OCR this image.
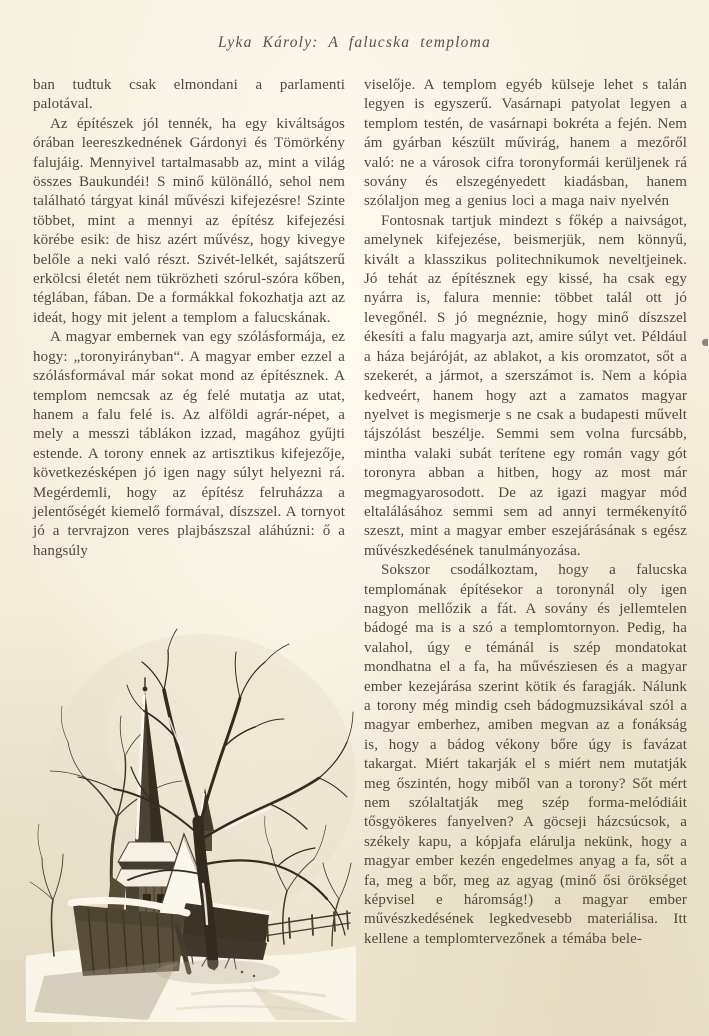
Lyka Károly: A falucska temploma

ban tudtuk csak elmondani a parlamenti palotával.

Az építészek jól tennék, ha egy kiváltságos órában leereszkednének Gárdonyi és Tömörkény falujáig. Mennyivel tartalmasabb az, mint a világ összes Baukundéi! S minő különálló, sehol nem található tárgyat kinál művészi kifejezésre! Szinte többet, mint a mennyi az építész kifejezési körébe esik: de hisz azért művész, hogy kivegye belőle a neki való részt. Szivét-lelkét, sajátszerű erkölcsi életét nem tükrözheti szórul-szóra kőben, téglában, fában. De a formákkal fokozhatja azt az ideát, hogy mit jelent a templom a falucskának.

A magyar embernek van egy szólásformája, ez hogy: „toronyirányban“. A magyar ember ezzel a szólásformával már sokat mond az építésznek. A templom nemcsak az ég felé mutatja az utat, hanem a falu felé is. Az alföldi agrár-népet, a mely a messzi táblákon izzad, magához gyűjti estende. A torony ennek az artisztikus kifejezője, következésképen jó igen nagy súlyt helyezni rá. Megérdemli, hogy az építész felruházza a jelentőségét kiemelő formával, díszszel. A tornyot jó a tervrajzon veres plajbászszal aláhúzni: ő a hangsúly

viselője. A templom egyéb külseje lehet s talán legyen is egyszerű. Vasárnapi patyolat legyen a templom testén, de vasárnapi bokréta a fején. Nem ám gyárban készült művirág, hanem a mezőről való: ne a városok cifra toronyformái kerüljenek rá sovány és elszegényedett kiadásban, hanem szólaljon meg a genius loci a maga naiv nyelvén

Fontosnak tartjuk mindezt s főkép a naivságot, amelynek kifejezése, beismerjük, nem könnyű, kivált a klasszikus politechnikumok neveltjeinek. Jó tehát az építésznek egy kissé, ha csak egy nyárra is, falura mennie: többet talál ott jó levegőnél. S jó megnéznie, hogy minő díszszel ékesíti a falu magyarja azt, amire súlyt vet. Például a háza bejáróját, az ablakot, a kis oromzatot, sőt a szekerét, a jármot, a szerszámot is. Nem a kópia kedveért, hanem hogy azt a zamatos magyar nyelvet is megismerje s ne csak a budapesti művelt tájszólást beszélje. Semmi sem volna furcsább, mintha valaki subát terítene egy román vagy gót toronyra abban a hitben, hogy az most már megmagyarosodott. De az igazi magyar mód eltalálásához semmi sem ad annyi termékenyítő szeszt, mint a magyar ember eszejárásának s egész művészkedésének tanulmányozása.

Sokszor csodálkoztam, hogy a falucska templomának építésekor a toronynál oly igen nagyon mellőzik a fát. A sovány és jellemtelen bádogé ma is a szó a templomtornyon. Pedig, ha valahol, úgy e témánál is szép mondatokat mondhatna el a fa, ha művésziesen és a magyar ember kezejárása szerint kötik és faragják. Nálunk a torony még mindig cseh bádogmuzsikával szól a magyar emberhez, amiben megvan az a fonákság is, hogy a bádog vékony bőre úgy is favázat takargat. Miért takarják el s miért nem mutatják meg őszintén, hogy miből van a torony? Sőt mért nem szólaltatják meg szép forma-melódiáit tősgyökeres fanyelven? A göcseji házcsúcsok, a székely kapu, a kópjafa elárulja nekünk, hogy a magyar ember kezén engedelmes anyag a fa, sőt a fa, meg a bőr, meg az agyag (minő ősi örökséget képvisel e háromság!) a magyar ember művészkedésének legkedvesebb materiálisa. Itt kellene a templomtervezőnek a témába bele-
